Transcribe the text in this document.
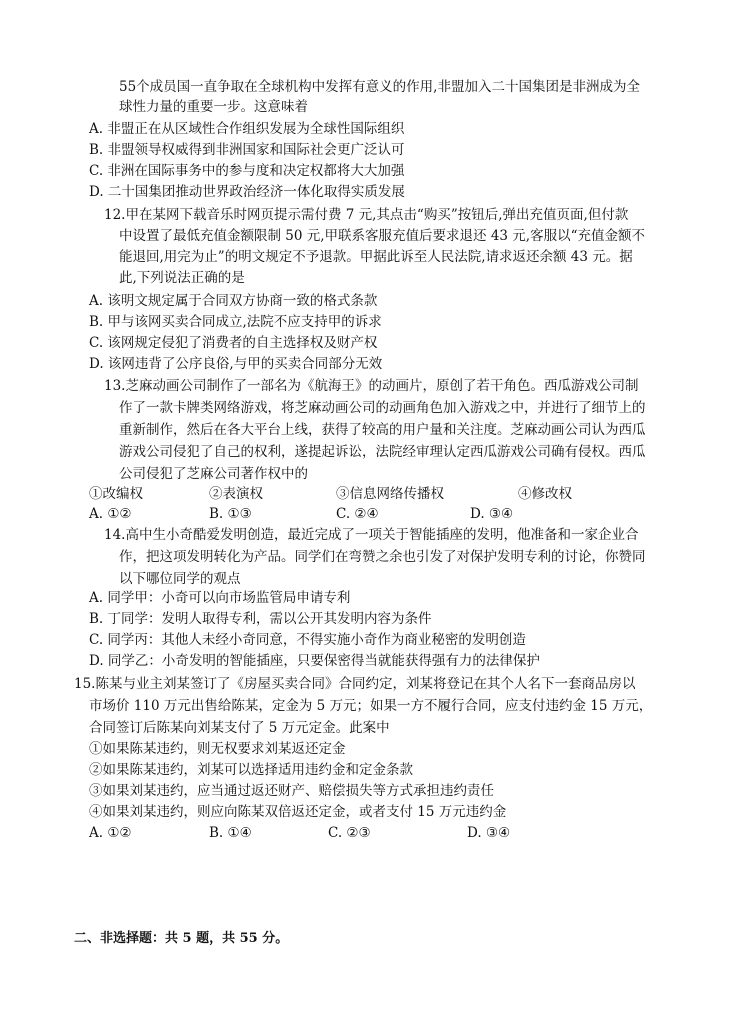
55个成员国一直争取在全球机构中发挥有意义的作用,非盟加入二十国集团是非洲成为全
球性力量的重要一步。这意味着
A. 非盟正在从区域性合作组织发展为全球性国际组织
B. 非盟领导权威得到非洲国家和国际社会更广泛认可
C. 非洲在国际事务中的参与度和决定权都将大大加强
D. 二十国集团推动世界政治经济一体化取得实质发展
12.甲在某网下载音乐时网页提示需付费 7 元,其点击“购买”按钮后,弹出充值页面,但付款
中设置了最低充值金额限制 50 元,甲联系客服充值后要求退还 43 元,客服以“充值金额不
能退回,用完为止”的明文规定不予退款。甲据此诉至人民法院,请求返还余额 43 元。据
此,下列说法正确的是
A. 该明文规定属于合同双方协商一致的格式条款
B. 甲与该网买卖合同成立,法院不应支持甲的诉求
C. 该网规定侵犯了消费者的自主选择权及财产权
D. 该网违背了公序良俗,与甲的买卖合同部分无效
13.芝麻动画公司制作了一部名为《航海王》的动画片，原创了若干角色。西瓜游戏公司制
作了一款卡牌类网络游戏，将芝麻动画公司的动画角色加入游戏之中，并进行了细节上的
重新制作，然后在各大平台上线，获得了较高的用户量和关注度。芝麻动画公司认为西瓜
游戏公司侵犯了自己的权利，遂提起诉讼，法院经审理认定西瓜游戏公司确有侵权。西瓜
公司侵犯了芝麻公司著作权中的
①改编权	②表演权	③信息网络传播权	④修改权
A. ①②	B. ①③	C. ②④	D. ③④
14.高中生小奇酷爱发明创造，最近完成了一项关于智能插座的发明，他准备和一家企业合
作，把这项发明转化为产品。同学们在弯赞之余也引发了对保护发明专利的讨论，你赞同
以下哪位同学的观点
A. 同学甲：小奇可以向市场监管局申请专利
B. 丁同学：发明人取得专利，需以公开其发明内容为条件
C. 同学丙：其他人未经小奇同意，不得实施小奇作为商业秘密的发明创造
D. 同学乙：小奇发明的智能插座，只要保密得当就能获得强有力的法律保护
15.陈某与业主刘某签订了《房屋买卖合同》合同约定，刘某将登记在其个人名下一套商品房以
市场价 110 万元出售给陈某，定金为 5 万元；如果一方不履行合同，应支付违约金 15 万元，
合同签订后陈某向刘某支付了 5 万元定金。此案中
①如果陈某违约，则无权要求刘某返还定金
②如果陈某违约，刘某可以选择适用违约金和定金条款
③如果刘某违约，应当通过返还财产、赔偿损失等方式承担违约责任
④如果刘某违约，则应向陈某双倍返还定金，或者支付 15 万元违约金
A. ①②	B. ①④	C. ②③	D. ③④
二、非选择题：共 5 题，共 55 分。
